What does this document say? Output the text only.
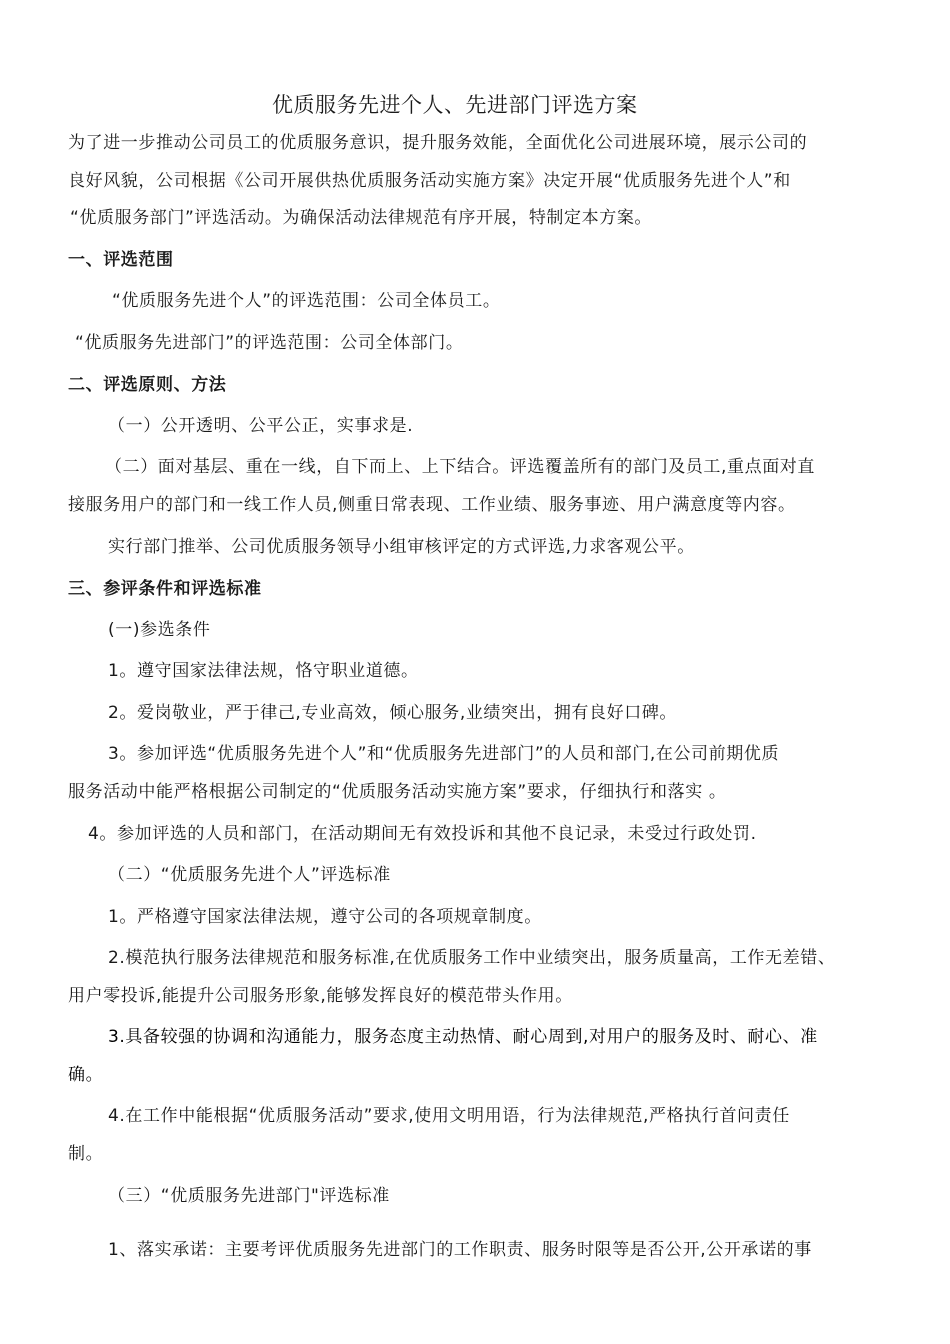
优质服务先进个人、先进部门评选方案
为了进一步推动公司员工的优质服务意识，提升服务效能，全面优化公司进展环境，展示公司的
良好风貌，公司根据《公司开展供热优质服务活动实施方案》决定开展“优质服务先进个人”和
“优质服务部门”评选活动。为确保活动法律规范有序开展，特制定本方案。
一、评选范围
“优质服务先进个人”的评选范围：公司全体员工。
“优质服务先进部门”的评选范围：公司全体部门。
二、评选原则、方法
（一）公开透明、公平公正，实事求是.
（二）面对基层、重在一线，自下而上、上下结合。评选覆盖所有的部门及员工,重点面对直
接服务用户的部门和一线工作人员,侧重日常表现、工作业绩、服务事迹、用户满意度等内容。
实行部门推举、公司优质服务领导小组审核评定的方式评选,力求客观公平。
三、参评条件和评选标准
(一)参选条件
1。遵守国家法律法规，恪守职业道德。
2。爱岗敬业，严于律己,专业高效，倾心服务,业绩突出，拥有良好口碑。
3。参加评选“优质服务先进个人”和“优质服务先进部门”的人员和部门,在公司前期优质
服务活动中能严格根据公司制定的“优质服务活动实施方案”要求，仔细执行和落实 。
4。参加评选的人员和部门，在活动期间无有效投诉和其他不良记录，未受过行政处罚.
（二）“优质服务先进个人”评选标准
1。严格遵守国家法律法规，遵守公司的各项规章制度。
2.模范执行服务法律规范和服务标准,在优质服务工作中业绩突出，服务质量高，工作无差错、
用户零投诉,能提升公司服务形象,能够发挥良好的模范带头作用。
3.具备较强的协调和沟通能力，服务态度主动热情、耐心周到,对用户的服务及时、耐心、准
确。
4.在工作中能根据“优质服务活动”要求,使用文明用语，行为法律规范,严格执行首问责任
制。
（三）“优质服务先进部门"评选标准
1、落实承诺：主要考评优质服务先进部门的工作职责、服务时限等是否公开,公开承诺的事
